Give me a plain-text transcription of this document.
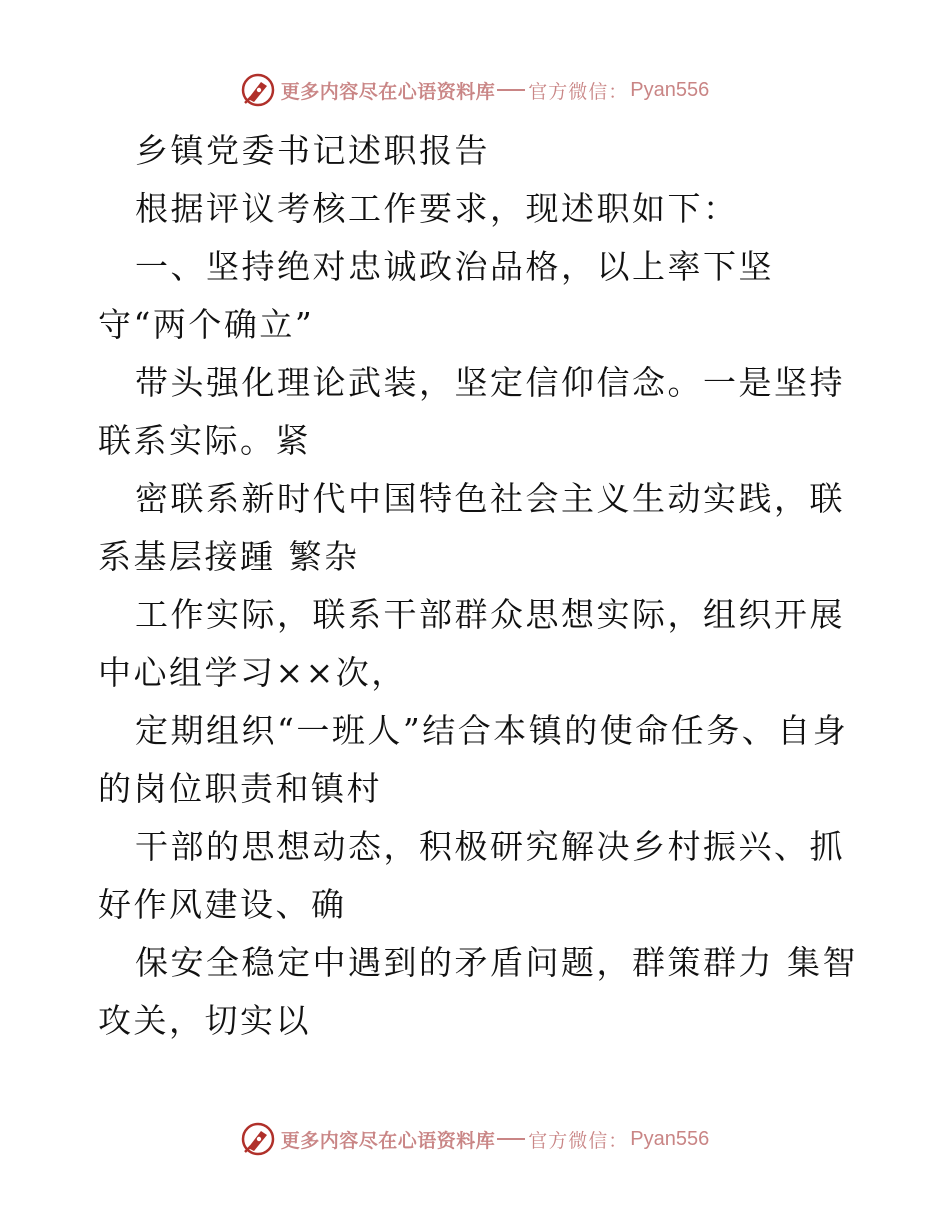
更多内容尽在心语资料库 官方微信： Pyan556

乡镇党委书记述职报告

根据评议考核工作要求，现述职如下：

一、坚持绝对忠诚政治品格，以上率下坚守“两个确立”

带头强化理论武装，坚定信仰信念。一是坚持联系实际。紧

密联系新时代中国特色社会主义生动实践，联系基层接踵 繁杂

工作实际，联系干部群众思想实际，组织开展中心组学习××次，

定期组织“一班人”结合本镇的使命任务、自身的岗位职责和镇村

干部的思想动态，积极研究解决乡村振兴、抓好作风建设、确

保安全稳定中遇到的矛盾问题，群策群力 集智攻关，切实以

更多内容尽在心语资料库 官方微信： Pyan556
